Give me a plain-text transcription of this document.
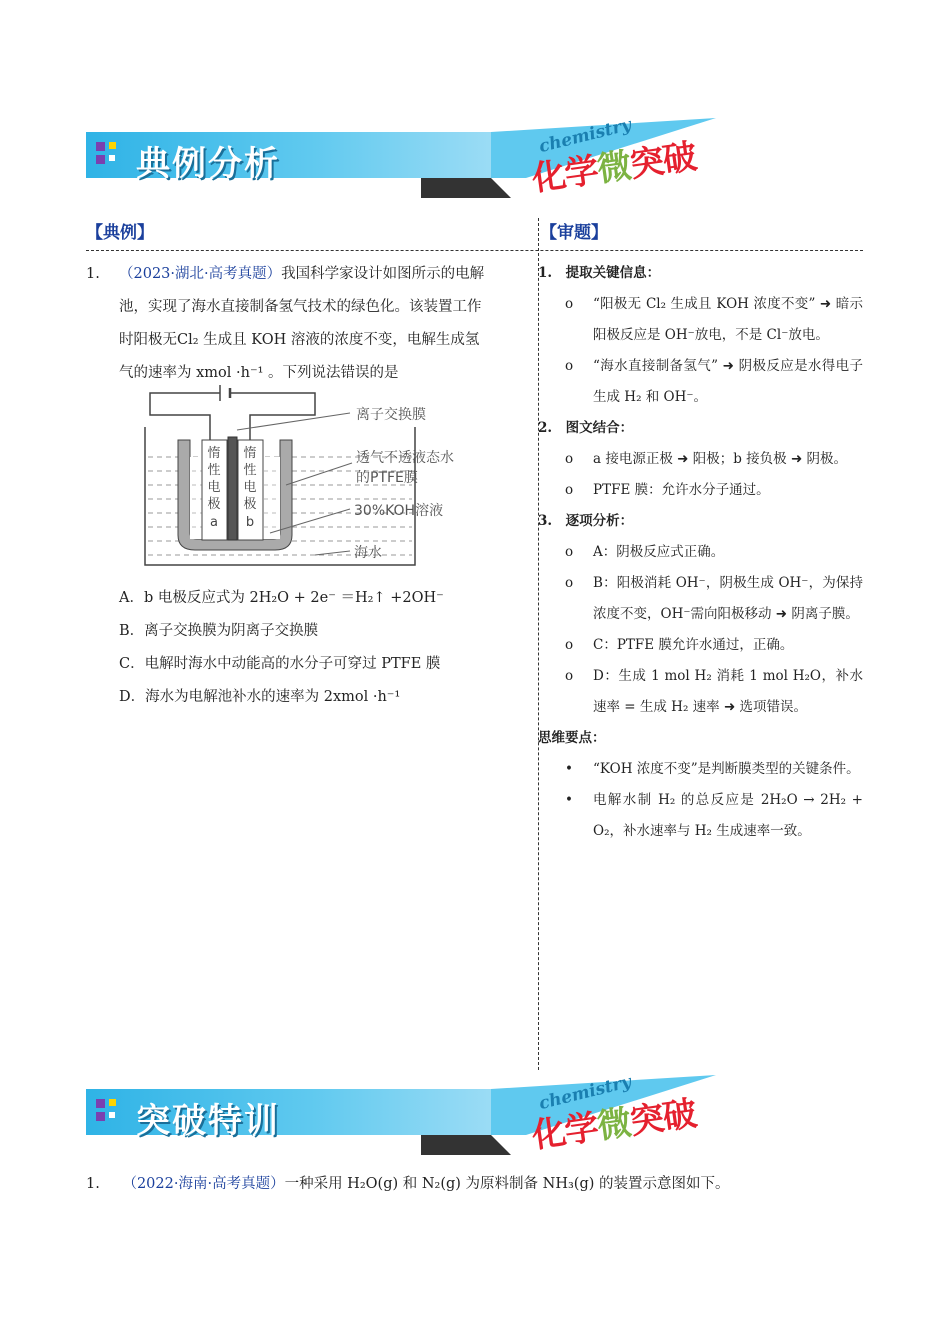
典例分析
chemistry
化学微突破
【典例】	【审题】
1. （2023·湖北·高考真题）我国科学家设计如图所示的电解
池，实现了海水直接制备氢气技术的绿色化。该装置工作
时阳极无Cl₂ 生成且 KOH 溶液的浓度不变，电解生成氢
气的速率为 xmol ·h⁻¹ 。下列说法错误的是
惰
性
电
极
a
惰
性
电
极
b
离子交换膜
透气不透液态水
的PTFE膜
30%KOH溶液
海水
A．b 电极反应式为 2H₂O + 2e⁻ ＝H₂↑ +2OH⁻
B．离子交换膜为阴离子交换膜
C．电解时海水中动能高的水分子可穿过 PTFE 膜
D．海水为电解池补水的速率为 2xmol ·h⁻¹

1.　提取关键信息：

o “阳极无 Cl₂ 生成且 KOH 浓度不变” ➜ 暗示阳极反应是 OH⁻放电，不是 Cl⁻放电。

o “海水直接制备氢气” ➜ 阴极反应是水得电子生成 H₂ 和 OH⁻。

2.　图文结合：

o a 接电源正极 ➜ 阳极；b 接负极 ➜ 阴极。

o PTFE 膜：允许水分子通过。

3.　逐项分析：

o A：阴极反应式正确。

o B：阳极消耗 OH⁻，阴极生成 OH⁻，为保持浓度不变，OH⁻需向阳极移动 ➜ 阴离子膜。

o C：PTFE 膜允许水通过，正确。

o D：生成 1 mol H₂ 消耗 1 mol H₂O，补水速率 = 生成 H₂ 速率 ➜ 选项错误。

思维要点：

• “KOH 浓度不变”是判断膜类型的关键条件。

• 电解水制 H₂ 的总反应是 2H₂O → 2H₂ + O₂，补水速率与 H₂ 生成速率一致。

突破特训
chemistry
化学微突破
1. （2022·海南·高考真题）一种采用 H₂O(g) 和 N₂(g) 为原料制备 NH₃(g) 的装置示意图如下。
